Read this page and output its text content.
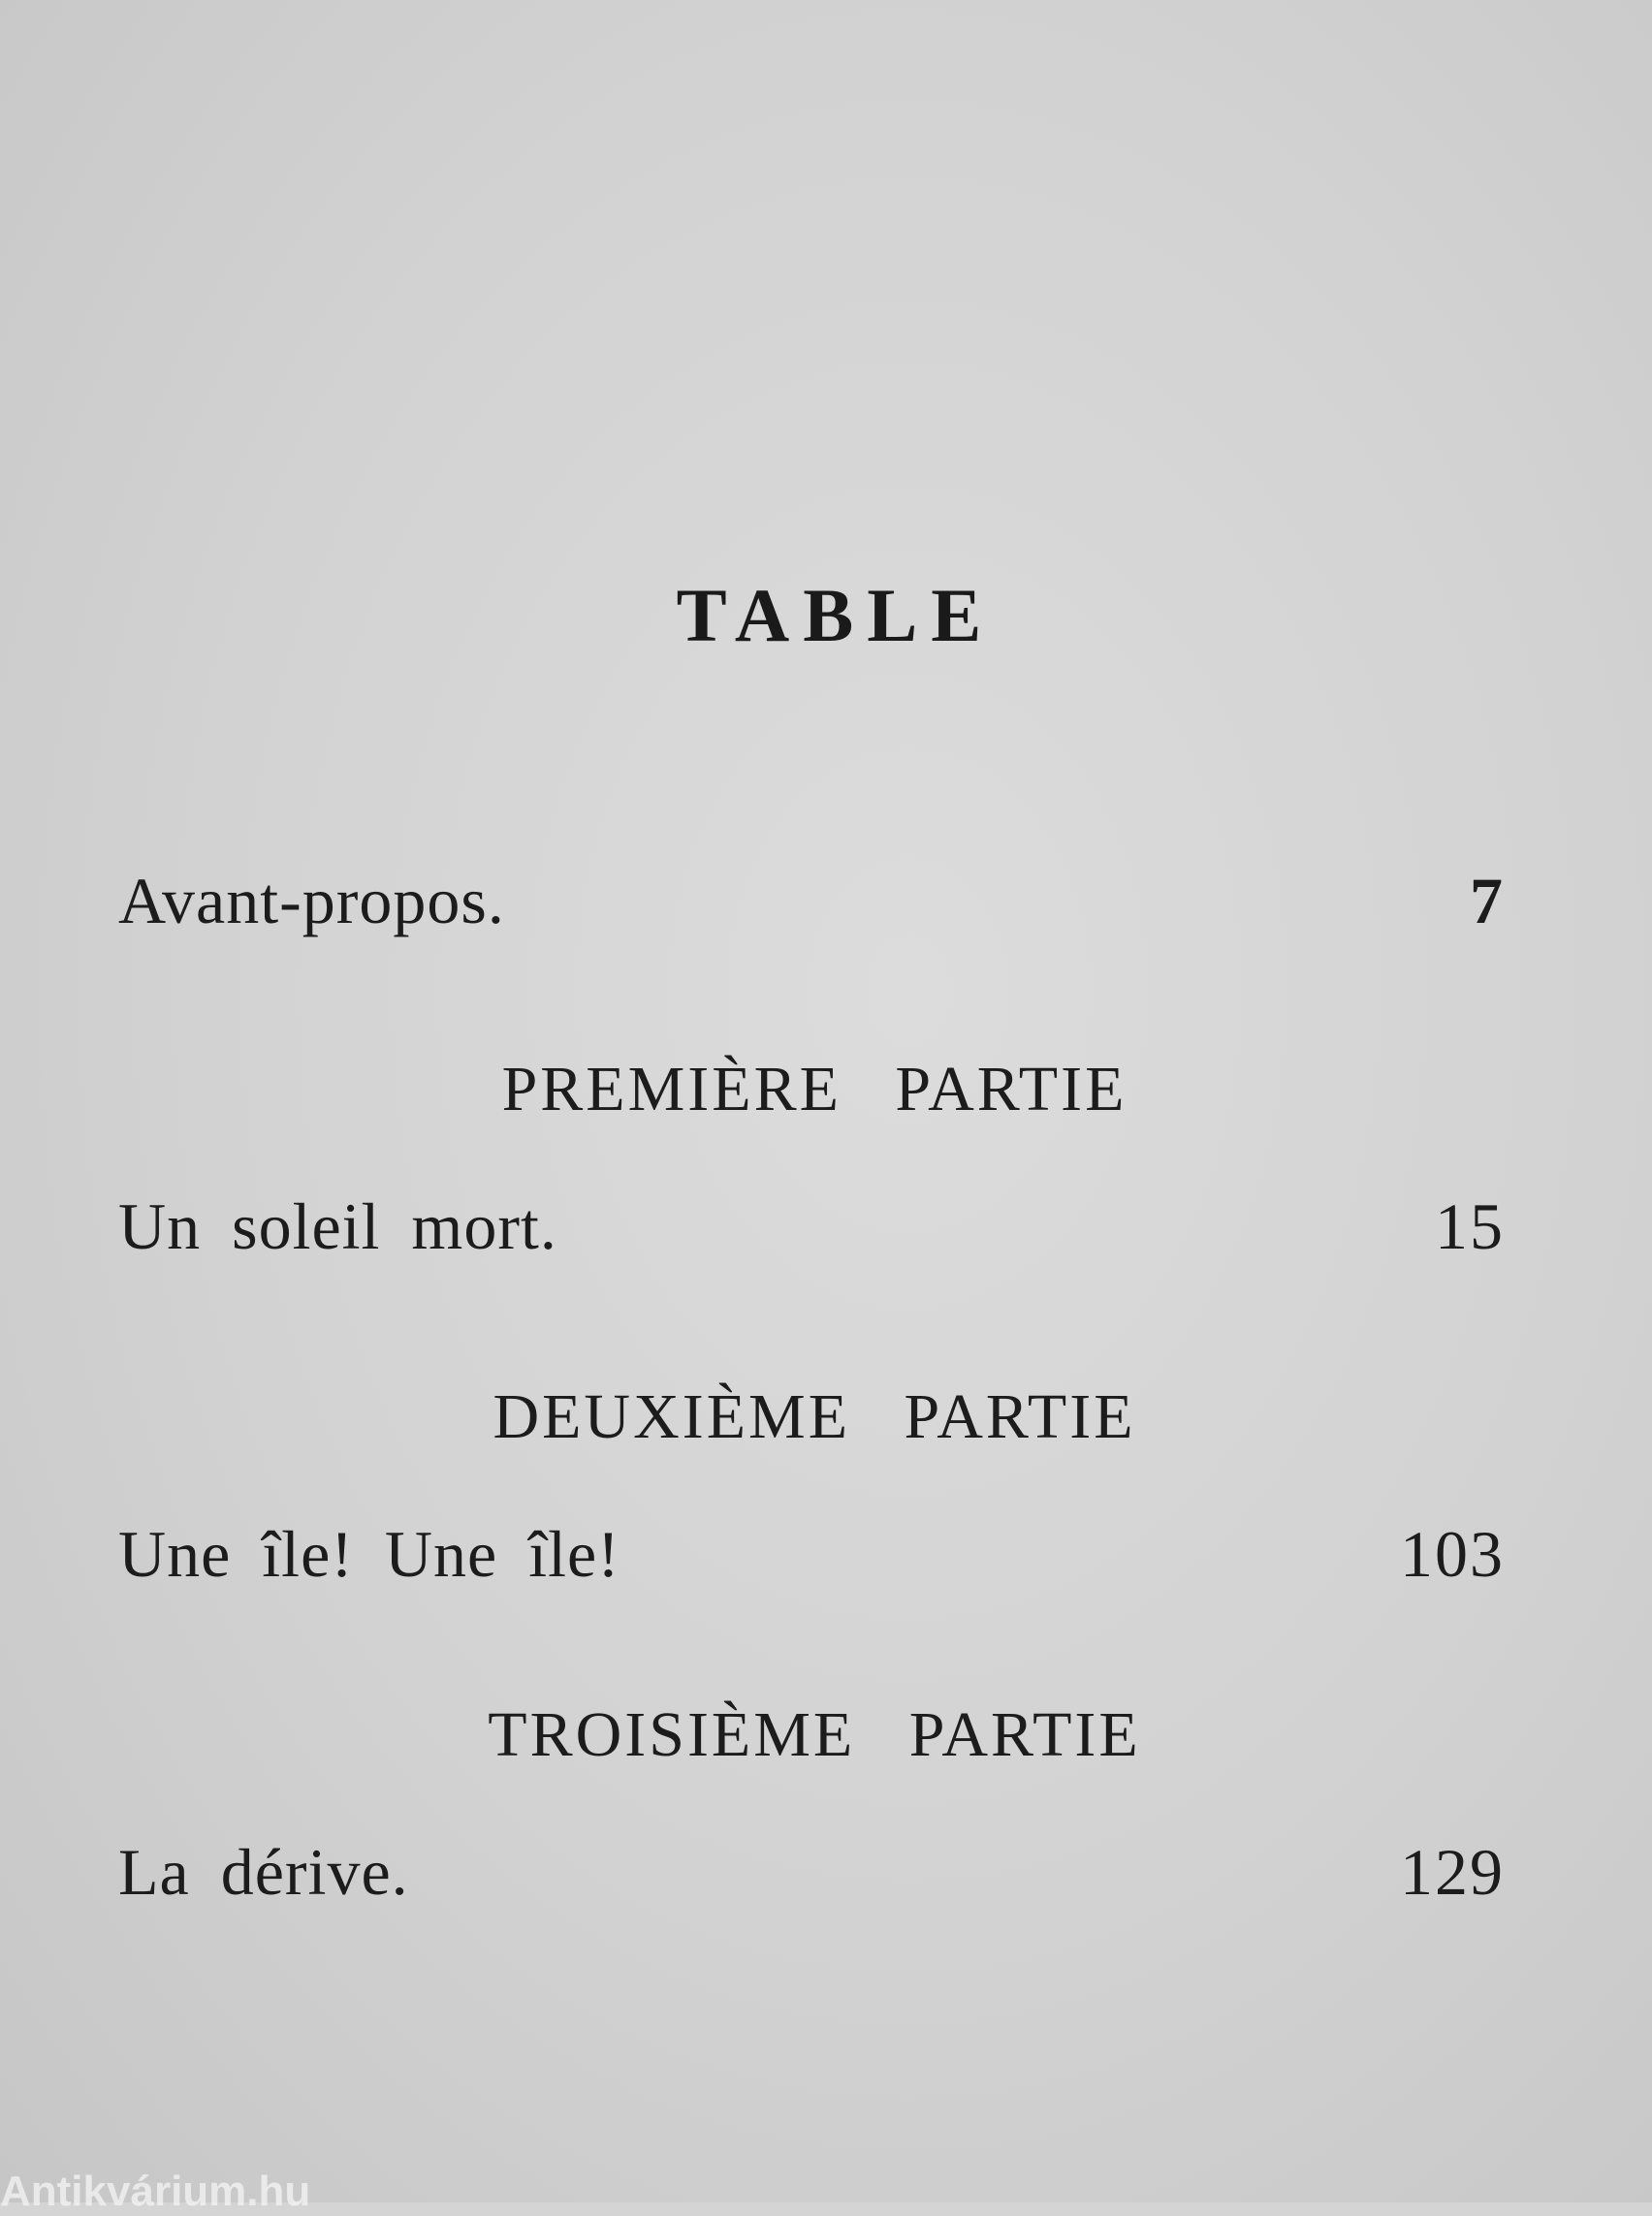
TABLE
Avant-propos.	7
PREMIÈRE PARTIE
Un soleil mort.	15
DEUXIÈME PARTIE
Une île! Une île!	103
TROISIÈME PARTIE
La dérive.	129
Antikvárium.hu
